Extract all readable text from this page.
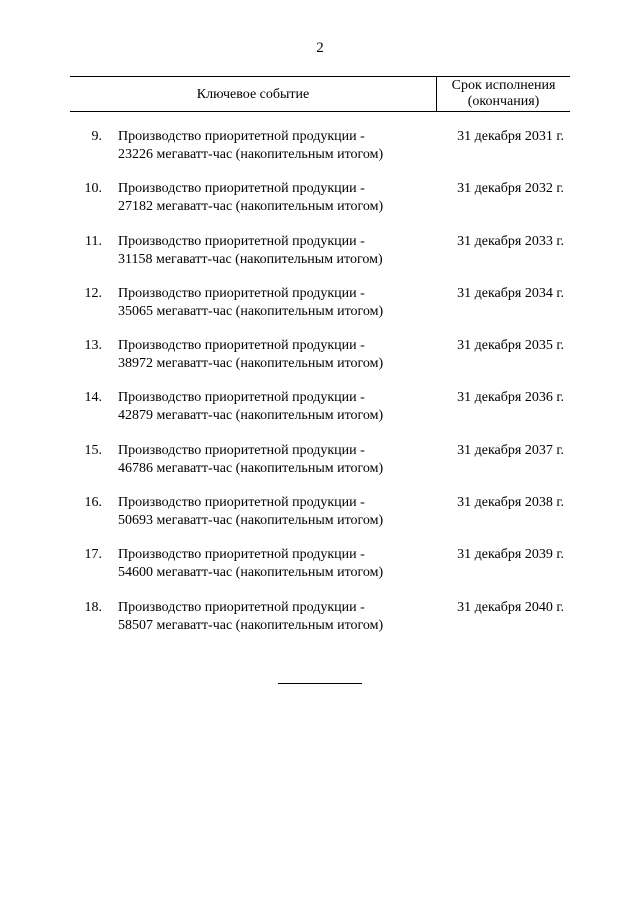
2
Ключевое событие
Срок исполнения
(окончания)
9. Производство приоритетной продукции -
23226 мегаватт-час (накопительным итогом)
31 декабря 2031 г.
10. Производство приоритетной продукции -
27182 мегаватт-час (накопительным итогом)
31 декабря 2032 г.
11. Производство приоритетной продукции -
31158 мегаватт-час (накопительным итогом)
31 декабря 2033 г.
12. Производство приоритетной продукции -
35065 мегаватт-час (накопительным итогом)
31 декабря 2034 г.
13. Производство приоритетной продукции -
38972 мегаватт-час (накопительным итогом)
31 декабря 2035 г.
14. Производство приоритетной продукции -
42879 мегаватт-час (накопительным итогом)
31 декабря 2036 г.
15. Производство приоритетной продукции -
46786 мегаватт-час (накопительным итогом)
31 декабря 2037 г.
16. Производство приоритетной продукции -
50693 мегаватт-час (накопительным итогом)
31 декабря 2038 г.
17. Производство приоритетной продукции -
54600 мегаватт-час (накопительным итогом)
31 декабря 2039 г.
18. Производство приоритетной продукции -
58507 мегаватт-час (накопительным итогом)
31 декабря 2040 г.
